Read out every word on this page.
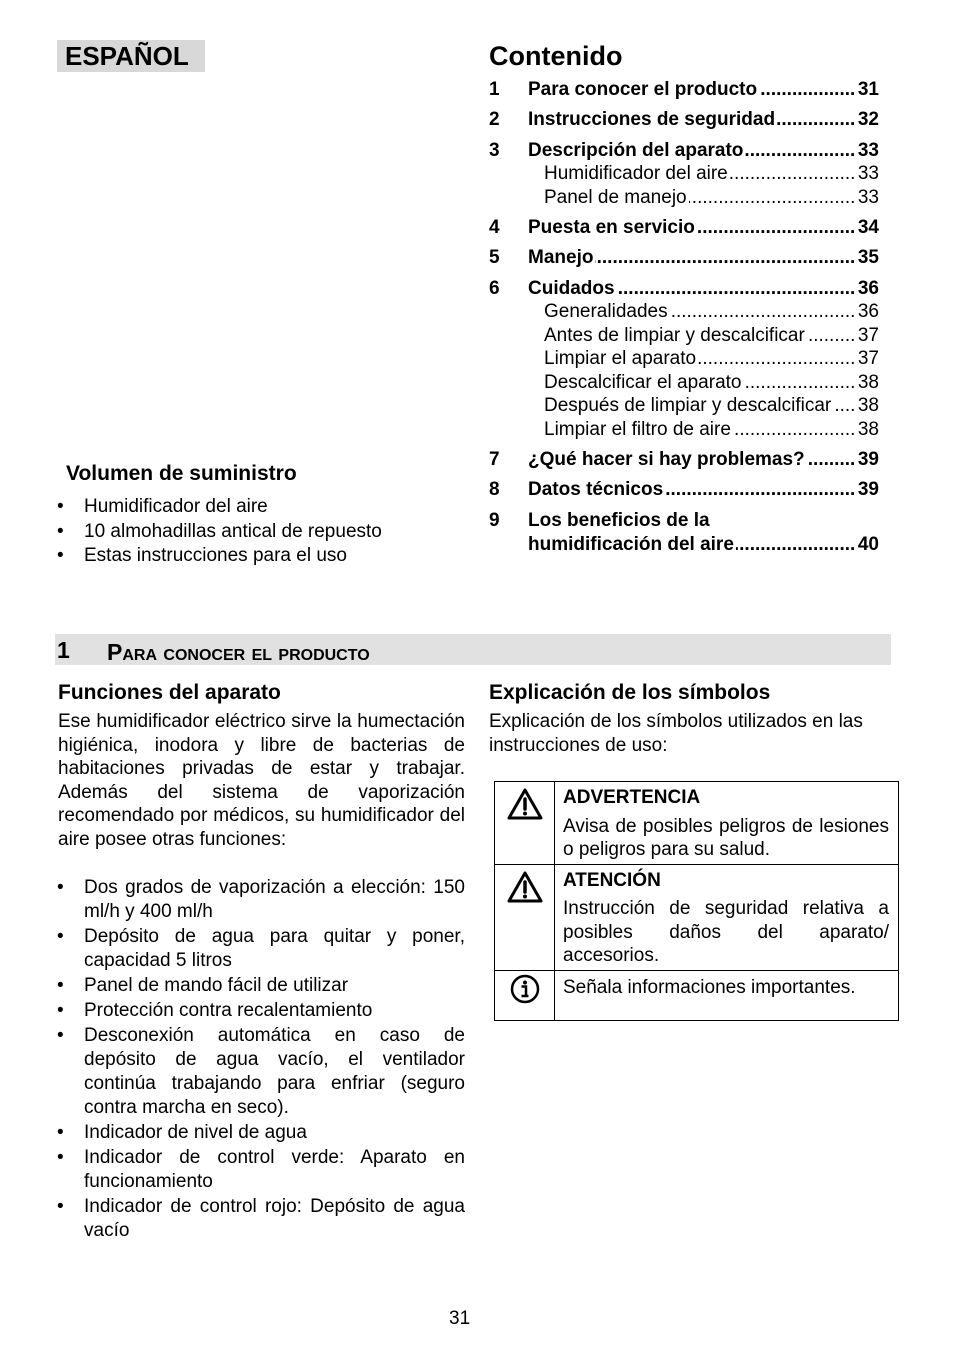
ESPAÑOL	Contenido
1 Para conocer el producto .....	31
2 Instrucciones de seguridad .....	32
3 Descripción del aparato .....	33
Humidificador del aire .....	33
Panel de manejo .....	33
4 Puesta en servicio .....	34
5 Manejo .....	35
6 Cuidados .....	36
Generalidades .....	36
Antes de limpiar y descalcificar .....	37
Limpiar el aparato .....	37
Descalcificar el aparato .....	38
Después de limpiar y descalcificar .....	38
Limpiar el filtro de aire .....	38
7 ¿Qué hacer si hay problemas? .....	39
8 Datos técnicos .....	39
9 Los beneficios de la
humidificación del aire .....	40
Volumen de suministro
• Humidificador del aire
• 10 almohadillas antical de repuesto
• Estas instrucciones para el uso
1 Para conocer el producto
Funciones del aparato
Ese humidificador eléctrico sirve la humectación higiénica, inodora y libre de bacterias de habitaciones privadas de estar y trabajar. Además del sistema de vaporización recomendado por médicos, su humidificador del aire posee otras funciones:
• Dos grados de vaporización a elección: 150 ml/h y 400 ml/h
• Depósito de agua para quitar y poner, capacidad 5 litros
• Panel de mando fácil de utilizar
• Protección contra recalentamiento
• Desconexión automática en caso de depósito de agua vacío, el ventilador continúa trabajando para enfriar (seguro contra marcha en seco).
• Indicador de nivel de agua
• Indicador de control verde: Aparato en funcionamiento
• Indicador de control rojo: Depósito de agua vacío
Explicación de los símbolos
Explicación de los símbolos utilizados en las instrucciones de uso:

ADVERTENCIA
Avisa de posibles peligros de lesiones o peligros para su salud.

ATENCIÓN
Instrucción de seguridad relativa a posibles daños del aparato/ accesorios.

Señala informaciones importantes.
31
